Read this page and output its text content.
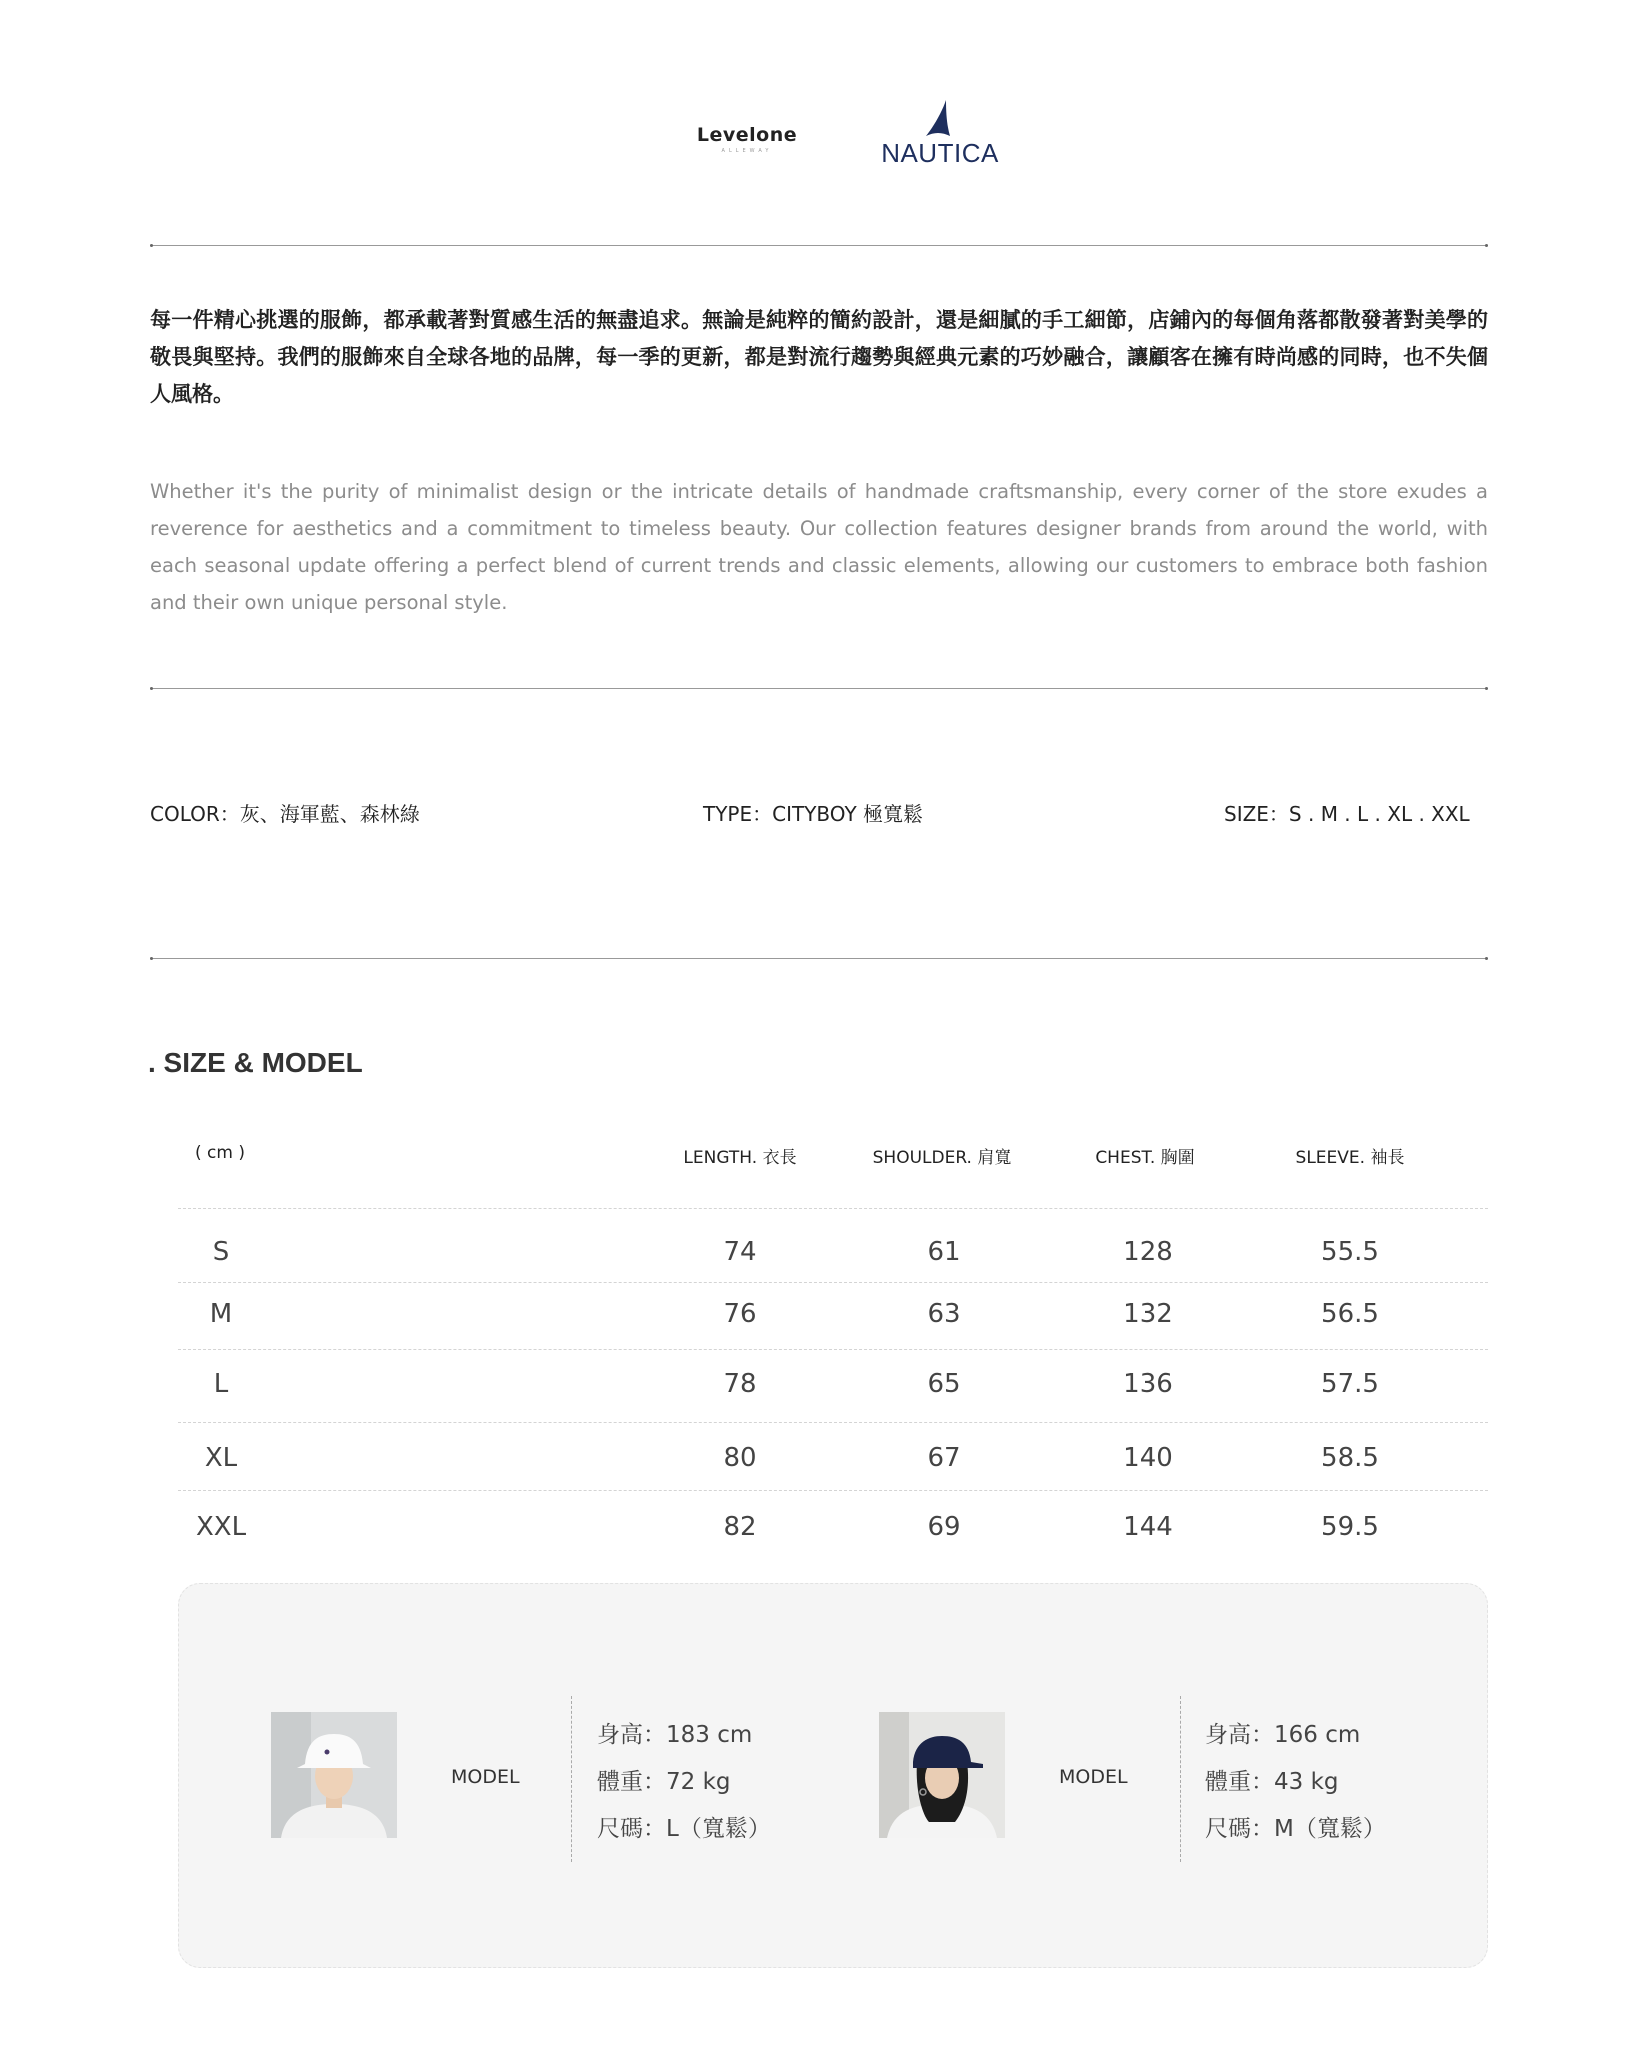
Levelone
ALLEWAY	NAUTICA
每一件精心挑選的服飾，都承載著對質感生活的無盡追求。無論是純粹的簡約設計，還是細膩的手工細節，店鋪內的每個角落都散發著對美學的敬畏與堅持。我們的服飾來自全球各地的品牌，每一季的更新，都是對流行趨勢與經典元素的巧妙融合，讓顧客在擁有時尚感的同時，也不失個人風格。
Whether it's the purity of minimalist design or the intricate details of handmade craftsmanship, every corner of the store exudes a reverence for aesthetics and a commitment to timeless beauty. Our collection features designer brands from around the world, with each seasonal update offering a perfect blend of current trends and classic elements, allowing our customers to embrace both fashion and their own unique personal style.
COLOR：灰、海軍藍、森林綠	TYPE：CITYBOY 極寬鬆	SIZE：S . M . L . XL . XXL
. SIZE & MODEL
( cm )	LENGTH. 衣長	SHOULDER. 肩寬	CHEST. 胸圍	SLEEVE. 袖長
S	74	61	128	55.5
M	76	63	132	56.5
L	78	65	136	57.5
XL	80	67	140	58.5
XXL	82	69	144	59.5
MODEL
身高：183 cm
體重：72 kg
尺碼：L（寬鬆）
MODEL
身高：166 cm
體重：43 kg
尺碼：M（寬鬆）
